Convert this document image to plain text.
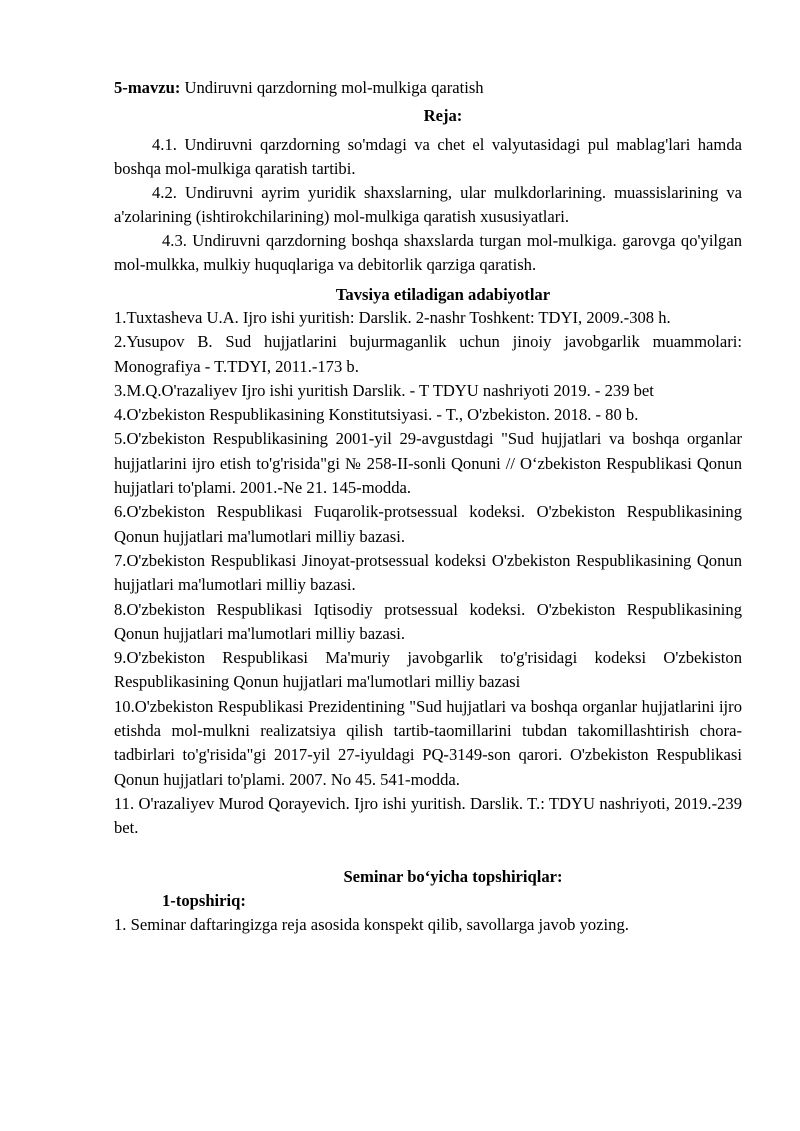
5-mavzu: Undiruvni qarzdorning mol-mulkiga qaratish

Reja:

4.1. Undiruvni qarzdorning so'mdagi va chet el valyutasidagi pul mablag'lari hamda boshqa mol-mulkiga qaratish tartibi.

4.2. Undiruvni ayrim yuridik shaxslarning, ular mulkdorlarining. muassislarining va a'zolarining (ishtirokchilarining) mol-mulkiga qaratish xususiyatlari.

4.3. Undiruvni qarzdorning boshqa shaxslarda turgan mol-mulkiga. garovga qo'yilgan mol-mulkka, mulkiy huquqlariga va debitorlik qarziga qaratish.

Tavsiya etiladigan adabiyotlar

1.Tuxtasheva U.A. Ijro ishi yuritish: Darslik. 2-nashr Toshkent: TDYI, 2009.-308 h.

2.Yusupov B. Sud hujjatlarini bujurmaganlik uchun jinoiy javobgarlik muammolari: Monografiya - T.TDYI, 2011.-173 b.

3.M.Q.O'razaliyev Ijro ishi yuritish Darslik. - T TDYU nashriyoti 2019. - 239 bet

4.O'zbekiston Respublikasining Konstitutsiyasi. - T., O'zbekiston. 2018. - 80 b.

5.O'zbekiston Respublikasining 2001-yil 29-avgustdagi "Sud hujjatlari va boshqa organlar hujjatlarini ijro etish to'g'risida"gi № 258-II-sonli Qonuni // O‘zbekiston Respublikasi Qonun hujjatlari to'plami. 2001.-Ne 21. 145-modda.

6.O'zbekiston Respublikasi Fuqarolik-protsessual kodeksi. O'zbekiston Respublikasining Qonun hujjatlari ma'lumotlari milliy bazasi.

7.O'zbekiston Respublikasi Jinoyat-protsessual kodeksi O'zbekiston Respublikasining Qonun hujjatlari ma'lumotlari milliy bazasi.

8.O'zbekiston Respublikasi Iqtisodiy protsessual kodeksi. O'zbekiston Respublikasining Qonun hujjatlari ma'lumotlari milliy bazasi.

9.O'zbekiston Respublikasi Ma'muriy javobgarlik to'g'risidagi kodeksi O'zbekiston Respublikasining Qonun hujjatlari ma'lumotlari milliy bazasi

10.O'zbekiston Respublikasi Prezidentining "Sud hujjatlari va boshqa organlar hujjatlarini ijro etishda mol-mulkni realizatsiya qilish tartib-taomillarini tubdan takomillashtirish chora-tadbirlari to'g'risida"gi 2017-yil 27-iyuldagi PQ-3149-son qarori. O'zbekiston Respublikasi Qonun hujjatlari to'plami. 2007. No 45. 541-modda.

11. O'razaliyev Murod Qorayevich. Ijro ishi yuritish. Darslik. T.: TDYU nashriyoti, 2019.-239 bet.

Seminar bo‘yicha topshiriqlar:

1-topshiriq:

1. Seminar daftaringizga reja asosida konspekt qilib, savollarga javob yozing.
